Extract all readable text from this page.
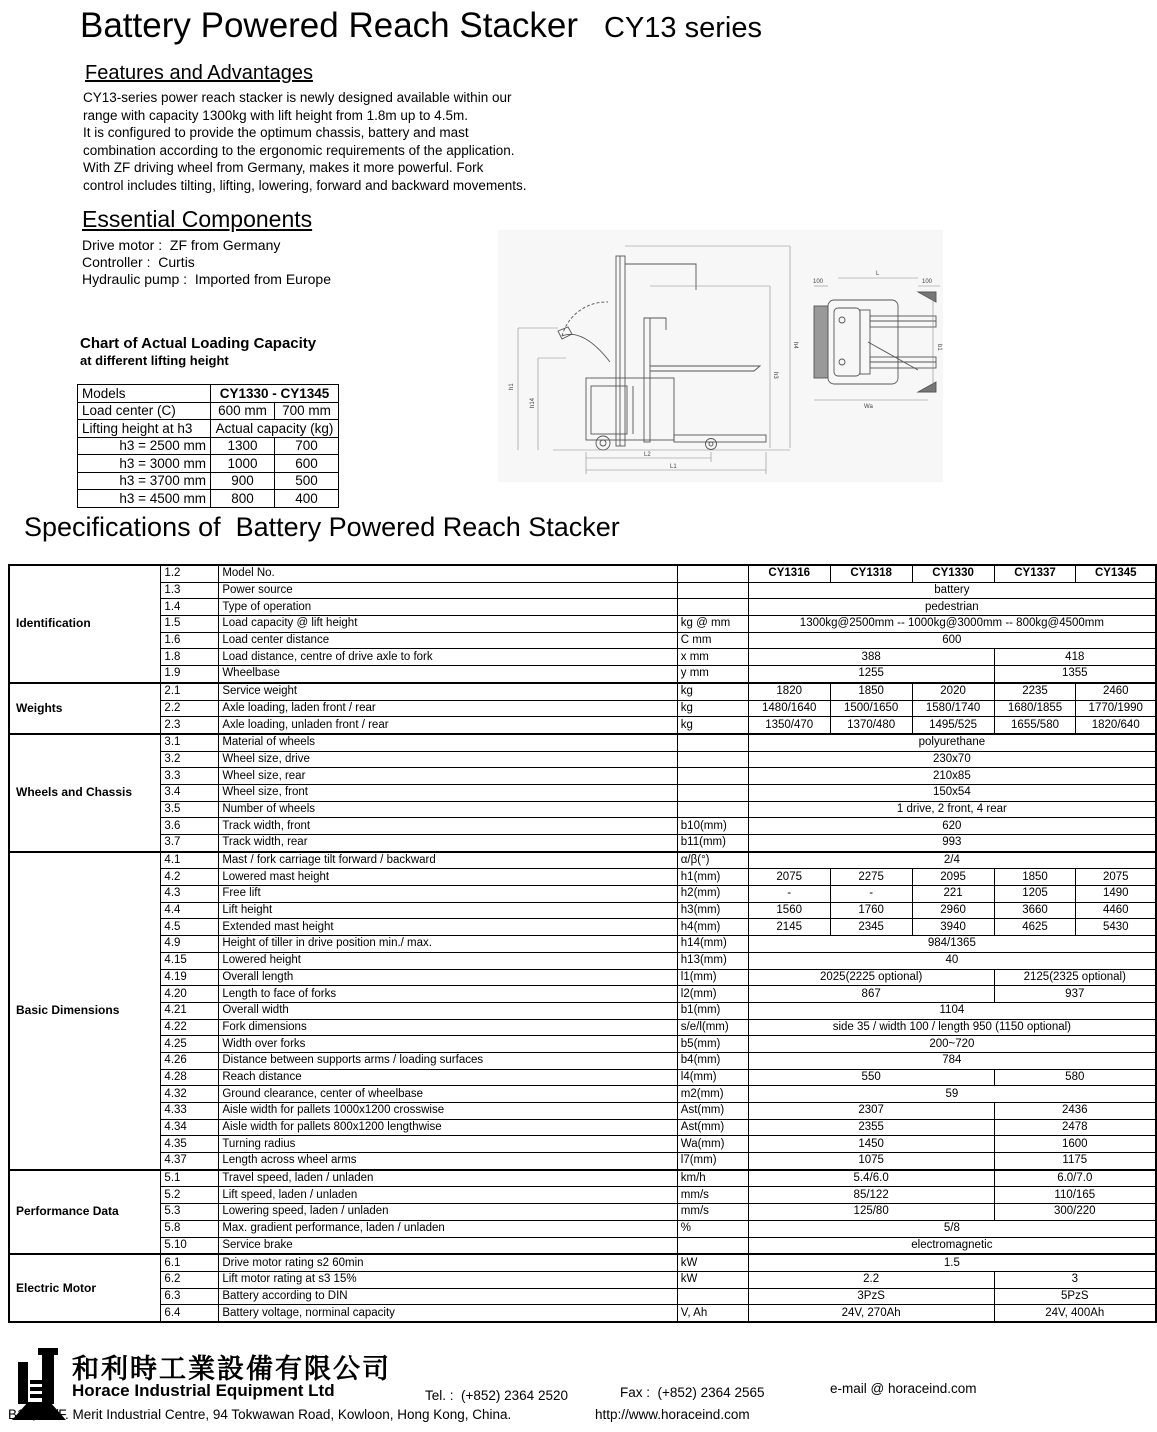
Battery Powered Reach Stacker CY13 series
Features and Advantages
CY13-series power reach stacker is newly designed available within our
range with capacity 1300kg with lift height from 1.8m up to 4.5m.
It is configured to provide the optimum chassis, battery and mast
combination according to the ergonomic requirements of the application.
With ZF driving wheel from Germany, makes it more powerful. Fork
control includes tilting, lifting, lowering, forward and backward movements.
Essential Components
Drive motor :  ZF from Germany
Controller :  Curtis
Hydraulic pump :  Imported from Europe
Chart of Actual Loading Capacity
at different lifting height
Models	CY1330 - CY1345	
Load center (C)	600 mm	700 mm
Lifting height at h3	Actual capacity (kg)	
h3 = 2500 mm	1300	700
h3 = 3000 mm	1000	600
h3 = 3700 mm	900	500
h3 = 4500 mm	800	400
h4
h3
h1
h14
L2
L1
100
L
100
Wa
b1
Specifications of  Battery Powered Reach Stacker
Identification	1.2	Model No.		CY1316	CY1318	CY1330	CY1337	CY1345
	1.3	Power source		battery				
	1.4	Type of operation		pedestrian				
	1.5	Load capacity @ lift height	kg @ mm	1300kg@2500mm -- 1000kg@3000mm -- 800kg@4500mm				
	1.6	Load center distance	C mm	600				
	1.8	Load distance, centre of drive axle to fork	x mm	388			418	
	1.9	Wheelbase	y mm	1255			1355	
Weights	2.1	Service weight	kg	1820	1850	2020	2235	2460
	2.2	Axle loading, laden front / rear	kg	1480/1640	1500/1650	1580/1740	1680/1855	1770/1990
	2.3	Axle loading, unladen front / rear	kg	1350/470	1370/480	1495/525	1655/580	1820/640
Wheels and Chassis	3.1	Material of wheels		polyurethane				
	3.2	Wheel size, drive		230x70				
	3.3	Wheel size, rear		210x85				
	3.4	Wheel size, front		150x54				
	3.5	Number of wheels		1 drive, 2 front, 4 rear				
	3.6	Track width, front	b10(mm)	620				
	3.7	Track width, rear	b11(mm)	993				
Basic Dimensions	4.1	Mast / fork carriage tilt forward / backward	α/β(°)	2/4				
	4.2	Lowered mast height	h1(mm)	2075	2275	2095	1850	2075
	4.3	Free lift	h2(mm)	-	-	221	1205	1490
	4.4	Lift height	h3(mm)	1560	1760	2960	3660	4460
	4.5	Extended mast height	h4(mm)	2145	2345	3940	4625	5430
	4.9	Height of tiller in drive position min./ max.	h14(mm)	984/1365				
	4.15	Lowered height	h13(mm)	40				
	4.19	Overall length	l1(mm)	2025(2225 optional)			2125(2325 optional)	
	4.20	Length to face of forks	l2(mm)	867			937	
	4.21	Overall width	b1(mm)	1104				
	4.22	Fork dimensions	s/e/l(mm)	side 35 / width 100 / length 950 (1150 optional)				
	4.25	Width over forks	b5(mm)	200~720				
	4.26	Distance between supports arms / loading surfaces	b4(mm)	784				
	4.28	Reach distance	l4(mm)	550			580	
	4.32	Ground clearance, center of wheelbase	m2(mm)	59				
	4.33	Aisle width for pallets 1000x1200 crosswise	Ast(mm)	2307			2436	
	4.34	Aisle width for pallets 800x1200 lengthwise	Ast(mm)	2355			2478	
	4.35	Turning radius	Wa(mm)	1450			1600	
	4.37	Length across wheel arms	l7(mm)	1075			1175	
Performance Data	5.1	Travel speed, laden / unladen	km/h	5.4/6.0			6.0/7.0	
	5.2	Lift speed, laden / unladen	mm/s	85/122			110/165	
	5.3	Lowering speed, laden / unladen	mm/s	125/80			300/220	
	5.8	Max. gradient performance, laden / unladen	%	5/8				
	5.10	Service brake		electromagnetic				
Electric Motor	6.1	Drive motor rating s2 60min	kW	1.5				
	6.2	Lift motor rating at s3 15%	kW	2.2			3	
	6.3	Battery according to DIN		3PzS			5PzS	
	6.4	Battery voltage, norminal capacity	V, Ah	24V, 270Ah			24V, 400Ah	
和利時工業設備有限公司
Horace Industrial Equipment Ltd	Tel. :  (+852) 2364 2520	Fax :  (+852) 2364 2565	e-mail @ horaceind.com
B10, 12/F. Merit Industrial Centre, 94 Tokwawan Road, Kowloon, Hong Kong, China.	http://www.horaceind.com
